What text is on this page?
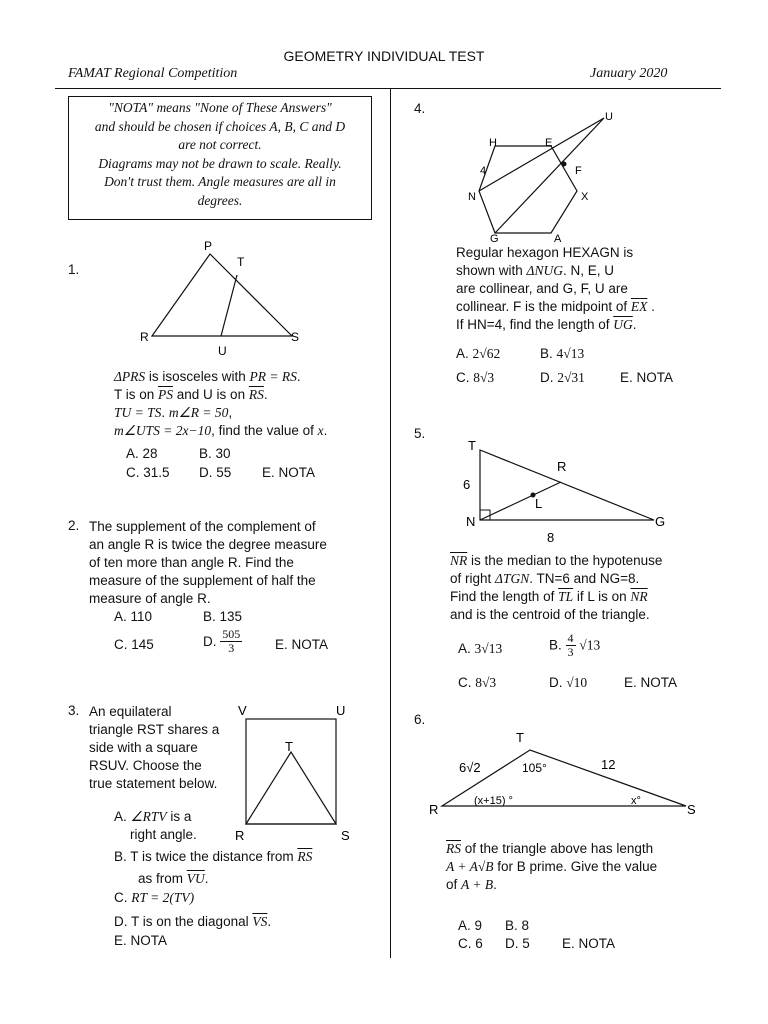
GEOMETRY INDIVIDUAL TEST
FAMAT Regional Competition	January 2020
"NOTA" means "None of These Answers"
and should be chosen if choices A, B, C and D
are not correct.
Diagrams may not be drawn to scale. Really.
Don't trust them. Angle measures are all in
degrees.
1.
P
T
R	S
U
ΔPRS is isosceles with PR = RS.
T is on $\overline{PS}$ and U is on $\overline{RS}$.
TU = TS. m∠R = 50,
m∠UTS = 2x−10, find the value of x.
A. 28	B. 30
C. 31.5 D. 55 E. NOTA
2. The supplement of the complement of
an angle R is twice the degree measure
of ten more than angle R. Find the
measure of the supplement of half the
measure of angle R.
A. 110	B. 135
C. 145	D. $\frac{505}{3} E$. NOTA
3. An equilateral
triangle RST shares a
side with a square
RSUV. Choose the
true statement below.
V	U
T
R	S
A. ∠RTV is a
right angle.
B. T is twice the distance from $\overline{RS}$
as from $\overline{VU}$.
C. RT = 2(TV)
D. T is on the diagonal $\overline{VS}$.
E. NOTA
4.
U
H	E
F
N	X
G	A
4
Regular hexagon HEXAGN is
shown with ΔNUG. N, E, U
are collinear, and G, F, U are
collinear. F is the midpoint of $\overline{EX}$ .
If HN=4, find the length of $\overline{UG}$.
A. 2√62	B. 4√13
C. 8√3	D. 2√31	E. NOTA
5.
T
R
6
L
N	G
8
$\overline{NR}$ is the median to the hypotenuse
of right ΔTGN. TN=6 and NG=8.
Find the length of $\overline{TL}$ if L is on $\overline{NR}$
and is the centroid of the triangle.
A. 3√13	B. $\frac{4}{3} √13$
C. 8√3	D. √10	E. NOTA
6.
T
R	S
6√2	105°	12
(x+15) °	x°
$\overline{RS}$ of the triangle above has length
A + A√B for B prime. Give the value
of A + B.
A. 9 B. 8
C. 6 D. 5 E. NOTA
